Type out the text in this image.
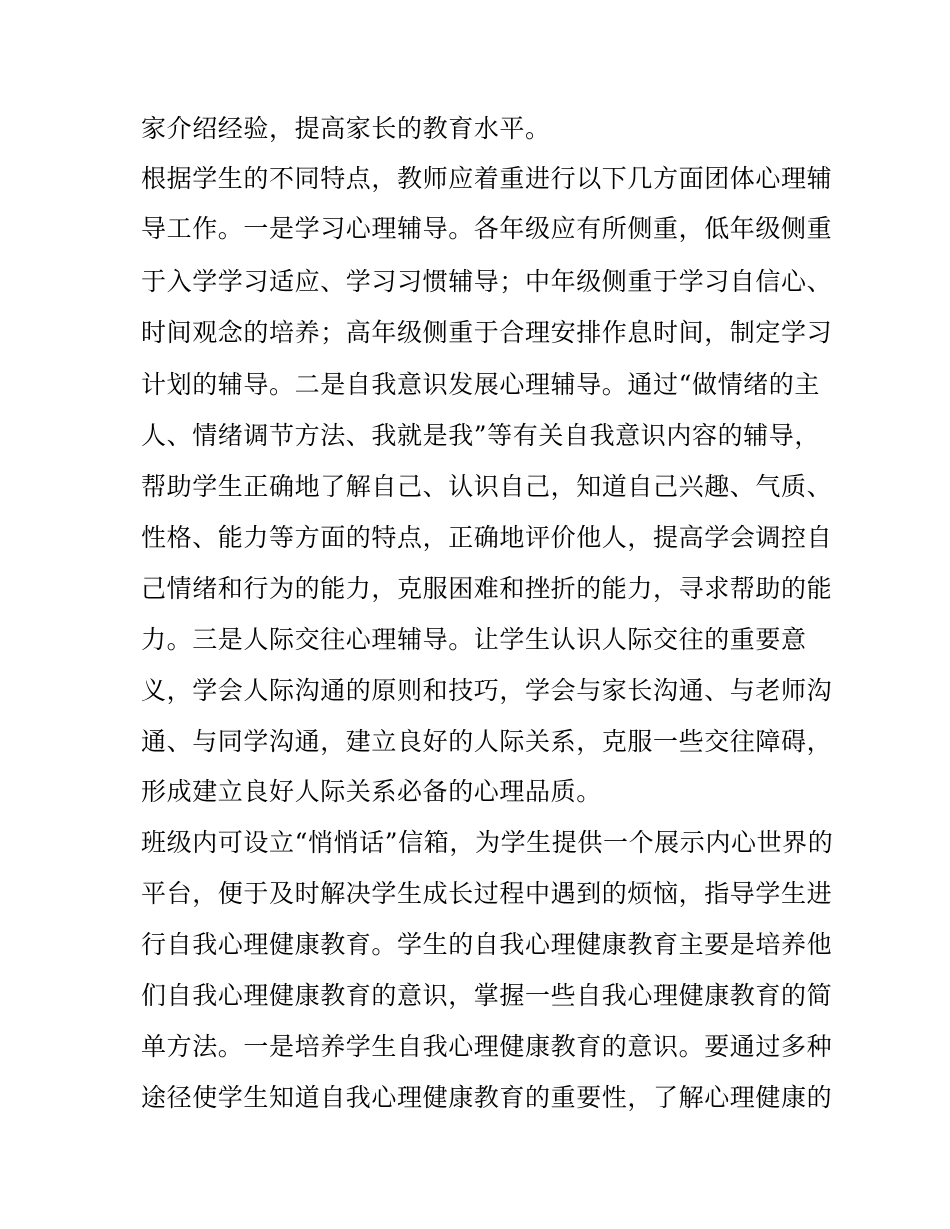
家介绍经验，提高家长的教育水平。
根据学生的不同特点，教师应着重进行以下几方面团体心理辅
导工作。一是学习心理辅导。各年级应有所侧重，低年级侧重
于入学学习适应、学习习惯辅导；中年级侧重于学习自信心、
时间观念的培养；高年级侧重于合理安排作息时间，制定学习
计划的辅导。二是自我意识发展心理辅导。通过“做情绪的主
人、情绪调节方法、我就是我”等有关自我意识内容的辅导，
帮助学生正确地了解自己、认识自己，知道自己兴趣、气质、
性格、能力等方面的特点，正确地评价他人，提高学会调控自
己情绪和行为的能力，克服困难和挫折的能力，寻求帮助的能
力。三是人际交往心理辅导。让学生认识人际交往的重要意
义，学会人际沟通的原则和技巧，学会与家长沟通、与老师沟
通、与同学沟通，建立良好的人际关系，克服一些交往障碍，
形成建立良好人际关系必备的心理品质。
班级内可设立“悄悄话”信箱，为学生提供一个展示内心世界的
平台，便于及时解决学生成长过程中遇到的烦恼，指导学生进
行自我心理健康教育。学生的自我心理健康教育主要是培养他
们自我心理健康教育的意识，掌握一些自我心理健康教育的简
单方法。一是培养学生自我心理健康教育的意识。要通过多种
途径使学生知道自我心理健康教育的重要性，了解心理健康的
